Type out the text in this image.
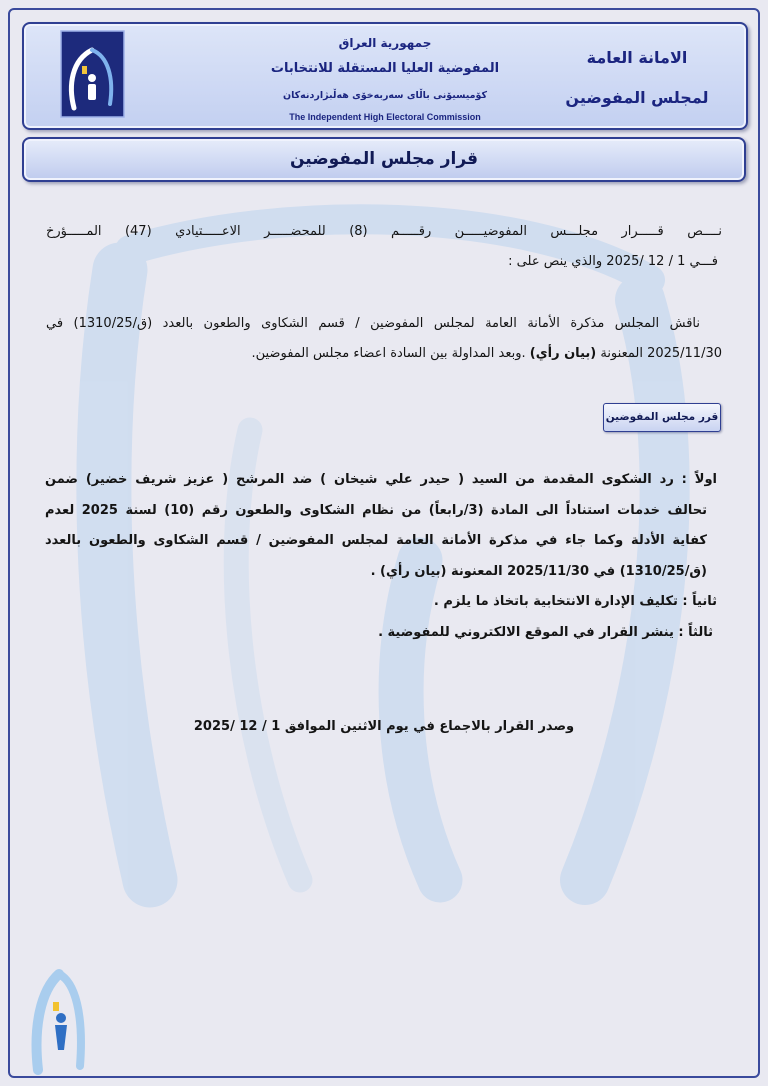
جمهورية العراق
المفوضية العليا المستقلة للانتخابات
كۆمیسیۆنی باڵای سەربەخۆی هەڵبژاردنەکان
The Independent High Electoral Commission
الامانة العامة
لمجلس المفوضين
قرار مجلس المفوضين
نــــص قـــــرار مجلـــس المفوضيـــــن رقـــــم (8) للمحضـــــر الاعـــــتيادي (47) المـــــؤرخ
فـــي 1 / 12 /2025 والذي ينص على :
ناقش المجلس مذكرة الأمانة العامة لمجلس المفوضين / قسم الشكاوى والطعون بالعدد (ق/1310/25) في
2025/11/30 المعنونة (بيان رأي) .وبعد المداولة بين السادة اعضاء مجلس المفوضين.
قرر مجلس المفوضين
اولاً : رد الشكوى المقدمة من السيد ( حيدر علي شيخان ) ضد المرشح ( عزيز شريف خضير) ضمن
تحالف خدمات استناداً الى المادة (3/رابعاً) من نظام الشكاوى والطعون رقم (10) لسنة 2025 لعدم
كفاية الأدلة وكما جاء في مذكرة الأمانة العامة لمجلس المفوضين / قسم الشكاوى والطعون بالعدد
(ق/1310/25) في 2025/11/30 المعنونة (بيان رأي) .
ثانياً : تكليف الإدارة الانتخابية باتخاذ ما يلزم .
ثالثاً : ينشر القرار في الموقع الالكتروني للمفوضية .
وصدر القرار بالاجماع في يوم الاثنين الموافق 1 / 12 /2025
